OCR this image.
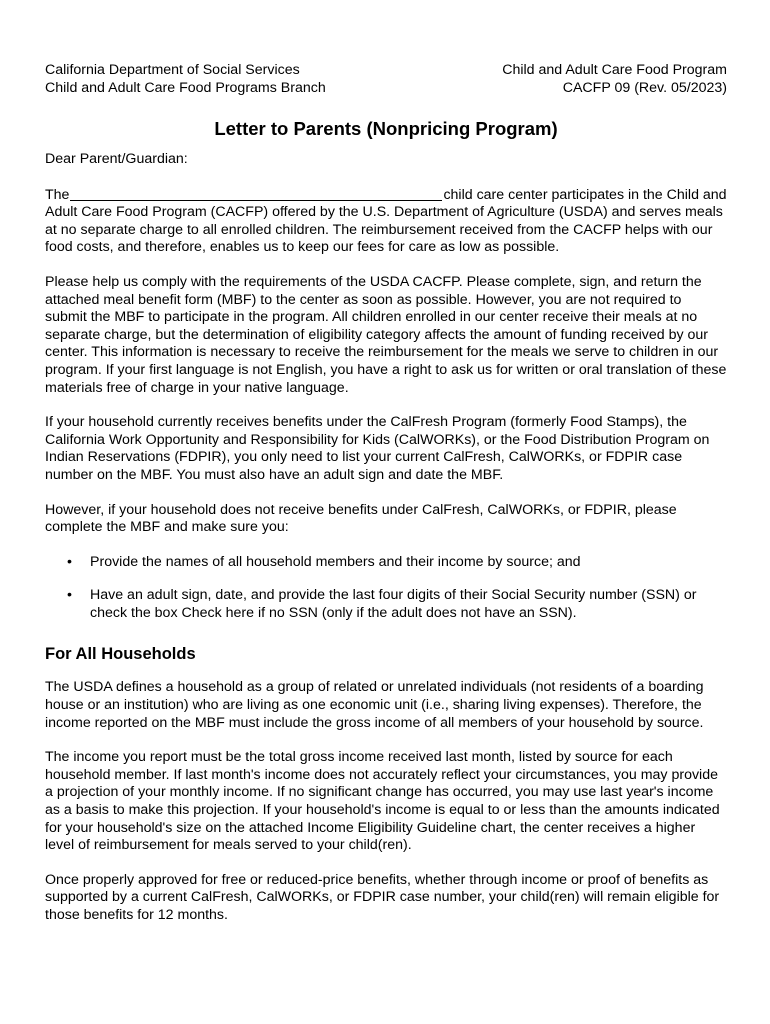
California Department of Social Services
Child and Adult Care Food Programs Branch
Child and Adult Care Food Program
CACFP 09 (Rev. 05/2023)
Letter to Parents (Nonpricing Program)

Dear Parent/Guardian:

The	child care center participates in the Child and Adult Care Food Program (CACFP) offered by the U.S. Department of Agriculture (USDA) and serves meals at no separate charge to all enrolled children. The reimbursement received from the CACFP helps with our food costs, and therefore, enables us to keep our fees for care as low as possible.

Please help us comply with the requirements of the USDA CACFP. Please complete, sign, and return the attached meal benefit form (MBF) to the center as soon as possible. However, you are not required to submit the MBF to participate in the program. All children enrolled in our center receive their meals at no separate charge, but the determination of eligibility category affects the amount of funding received by our center. This information is necessary to receive the reimbursement for the meals we serve to children in our program. If your first language is not English, you have a right to ask us for written or oral translation of these materials free of charge in your native language.

If your household currently receives benefits under the CalFresh Program (formerly Food Stamps), the California Work Opportunity and Responsibility for Kids (CalWORKs), or the Food Distribution Program on Indian Reservations (FDPIR), you only need to list your current CalFresh, CalWORKs, or FDPIR case number on the MBF. You must also have an adult sign and date the MBF.

However, if your household does not receive benefits under CalFresh, CalWORKs, or FDPIR, please complete the MBF and make sure you:

• Provide the names of all household members and their income by source; and
• Have an adult sign, date, and provide the last four digits of their Social Security number (SSN) or check the box Check here if no SSN (only if the adult does not have an SSN).
For All Households

The USDA defines a household as a group of related or unrelated individuals (not residents of a boarding house or an institution) who are living as one economic unit (i.e., sharing living expenses). Therefore, the income reported on the MBF must include the gross income of all members of your household by source.

The income you report must be the total gross income received last month, listed by source for each household member. If last month's income does not accurately reflect your circumstances, you may provide a projection of your monthly income. If no significant change has occurred, you may use last year's income as a basis to make this projection. If your household's income is equal to or less than the amounts indicated for your household's size on the attached Income Eligibility Guideline chart, the center receives a higher level of reimbursement for meals served to your child(ren).

Once properly approved for free or reduced-price benefits, whether through income or proof of benefits as supported by a current CalFresh, CalWORKs, or FDPIR case number, your child(ren) will remain eligible for those benefits for 12 months.
